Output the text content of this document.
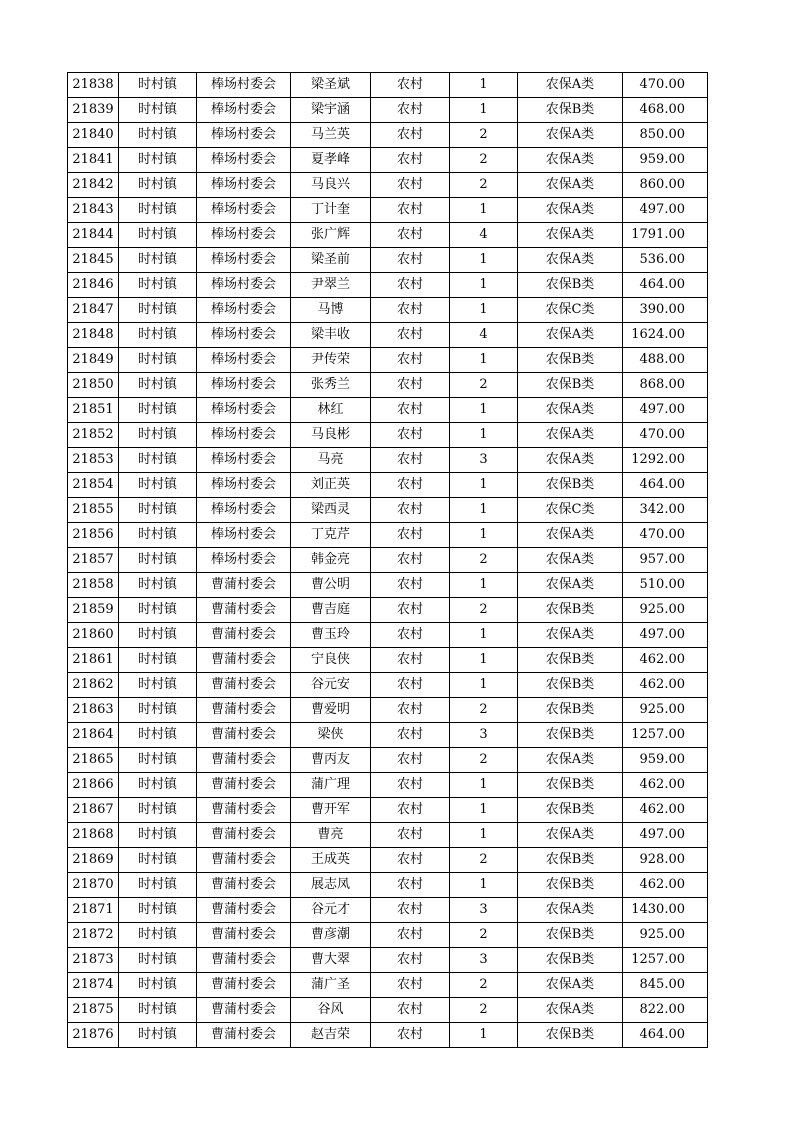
21838	时村镇	棒场村委会	梁圣斌	农村	1	农保A类	470.00
21839	时村镇	棒场村委会	梁宇涵	农村	1	农保B类	468.00
21840	时村镇	棒场村委会	马兰英	农村	2	农保A类	850.00
21841	时村镇	棒场村委会	夏孝峰	农村	2	农保A类	959.00
21842	时村镇	棒场村委会	马良兴	农村	2	农保A类	860.00
21843	时村镇	棒场村委会	丁计奎	农村	1	农保A类	497.00
21844	时村镇	棒场村委会	张广辉	农村	4	农保A类	1791.00
21845	时村镇	棒场村委会	梁圣前	农村	1	农保A类	536.00
21846	时村镇	棒场村委会	尹翠兰	农村	1	农保B类	464.00
21847	时村镇	棒场村委会	马博	农村	1	农保C类	390.00
21848	时村镇	棒场村委会	梁丰收	农村	4	农保A类	1624.00
21849	时村镇	棒场村委会	尹传荣	农村	1	农保B类	488.00
21850	时村镇	棒场村委会	张秀兰	农村	2	农保B类	868.00
21851	时村镇	棒场村委会	林红	农村	1	农保A类	497.00
21852	时村镇	棒场村委会	马良彬	农村	1	农保A类	470.00
21853	时村镇	棒场村委会	马亮	农村	3	农保A类	1292.00
21854	时村镇	棒场村委会	刘正英	农村	1	农保B类	464.00
21855	时村镇	棒场村委会	梁西灵	农村	1	农保C类	342.00
21856	时村镇	棒场村委会	丁克芹	农村	1	农保A类	470.00
21857	时村镇	棒场村委会	韩金亮	农村	2	农保A类	957.00
21858	时村镇	曹蒲村委会	曹公明	农村	1	农保A类	510.00
21859	时村镇	曹蒲村委会	曹吉庭	农村	2	农保B类	925.00
21860	时村镇	曹蒲村委会	曹玉玲	农村	1	农保A类	497.00
21861	时村镇	曹蒲村委会	宁良侠	农村	1	农保B类	462.00
21862	时村镇	曹蒲村委会	谷元安	农村	1	农保B类	462.00
21863	时村镇	曹蒲村委会	曹爱明	农村	2	农保B类	925.00
21864	时村镇	曹蒲村委会	梁侠	农村	3	农保B类	1257.00
21865	时村镇	曹蒲村委会	曹丙友	农村	2	农保A类	959.00
21866	时村镇	曹蒲村委会	蒲广理	农村	1	农保B类	462.00
21867	时村镇	曹蒲村委会	曹开军	农村	1	农保B类	462.00
21868	时村镇	曹蒲村委会	曹亮	农村	1	农保A类	497.00
21869	时村镇	曹蒲村委会	王成英	农村	2	农保B类	928.00
21870	时村镇	曹蒲村委会	展志凤	农村	1	农保B类	462.00
21871	时村镇	曹蒲村委会	谷元才	农村	3	农保A类	1430.00
21872	时村镇	曹蒲村委会	曹彦潮	农村	2	农保B类	925.00
21873	时村镇	曹蒲村委会	曹大翠	农村	3	农保B类	1257.00
21874	时村镇	曹蒲村委会	蒲广圣	农村	2	农保A类	845.00
21875	时村镇	曹蒲村委会	谷风	农村	2	农保A类	822.00
21876	时村镇	曹蒲村委会	赵吉荣	农村	1	农保B类	464.00
